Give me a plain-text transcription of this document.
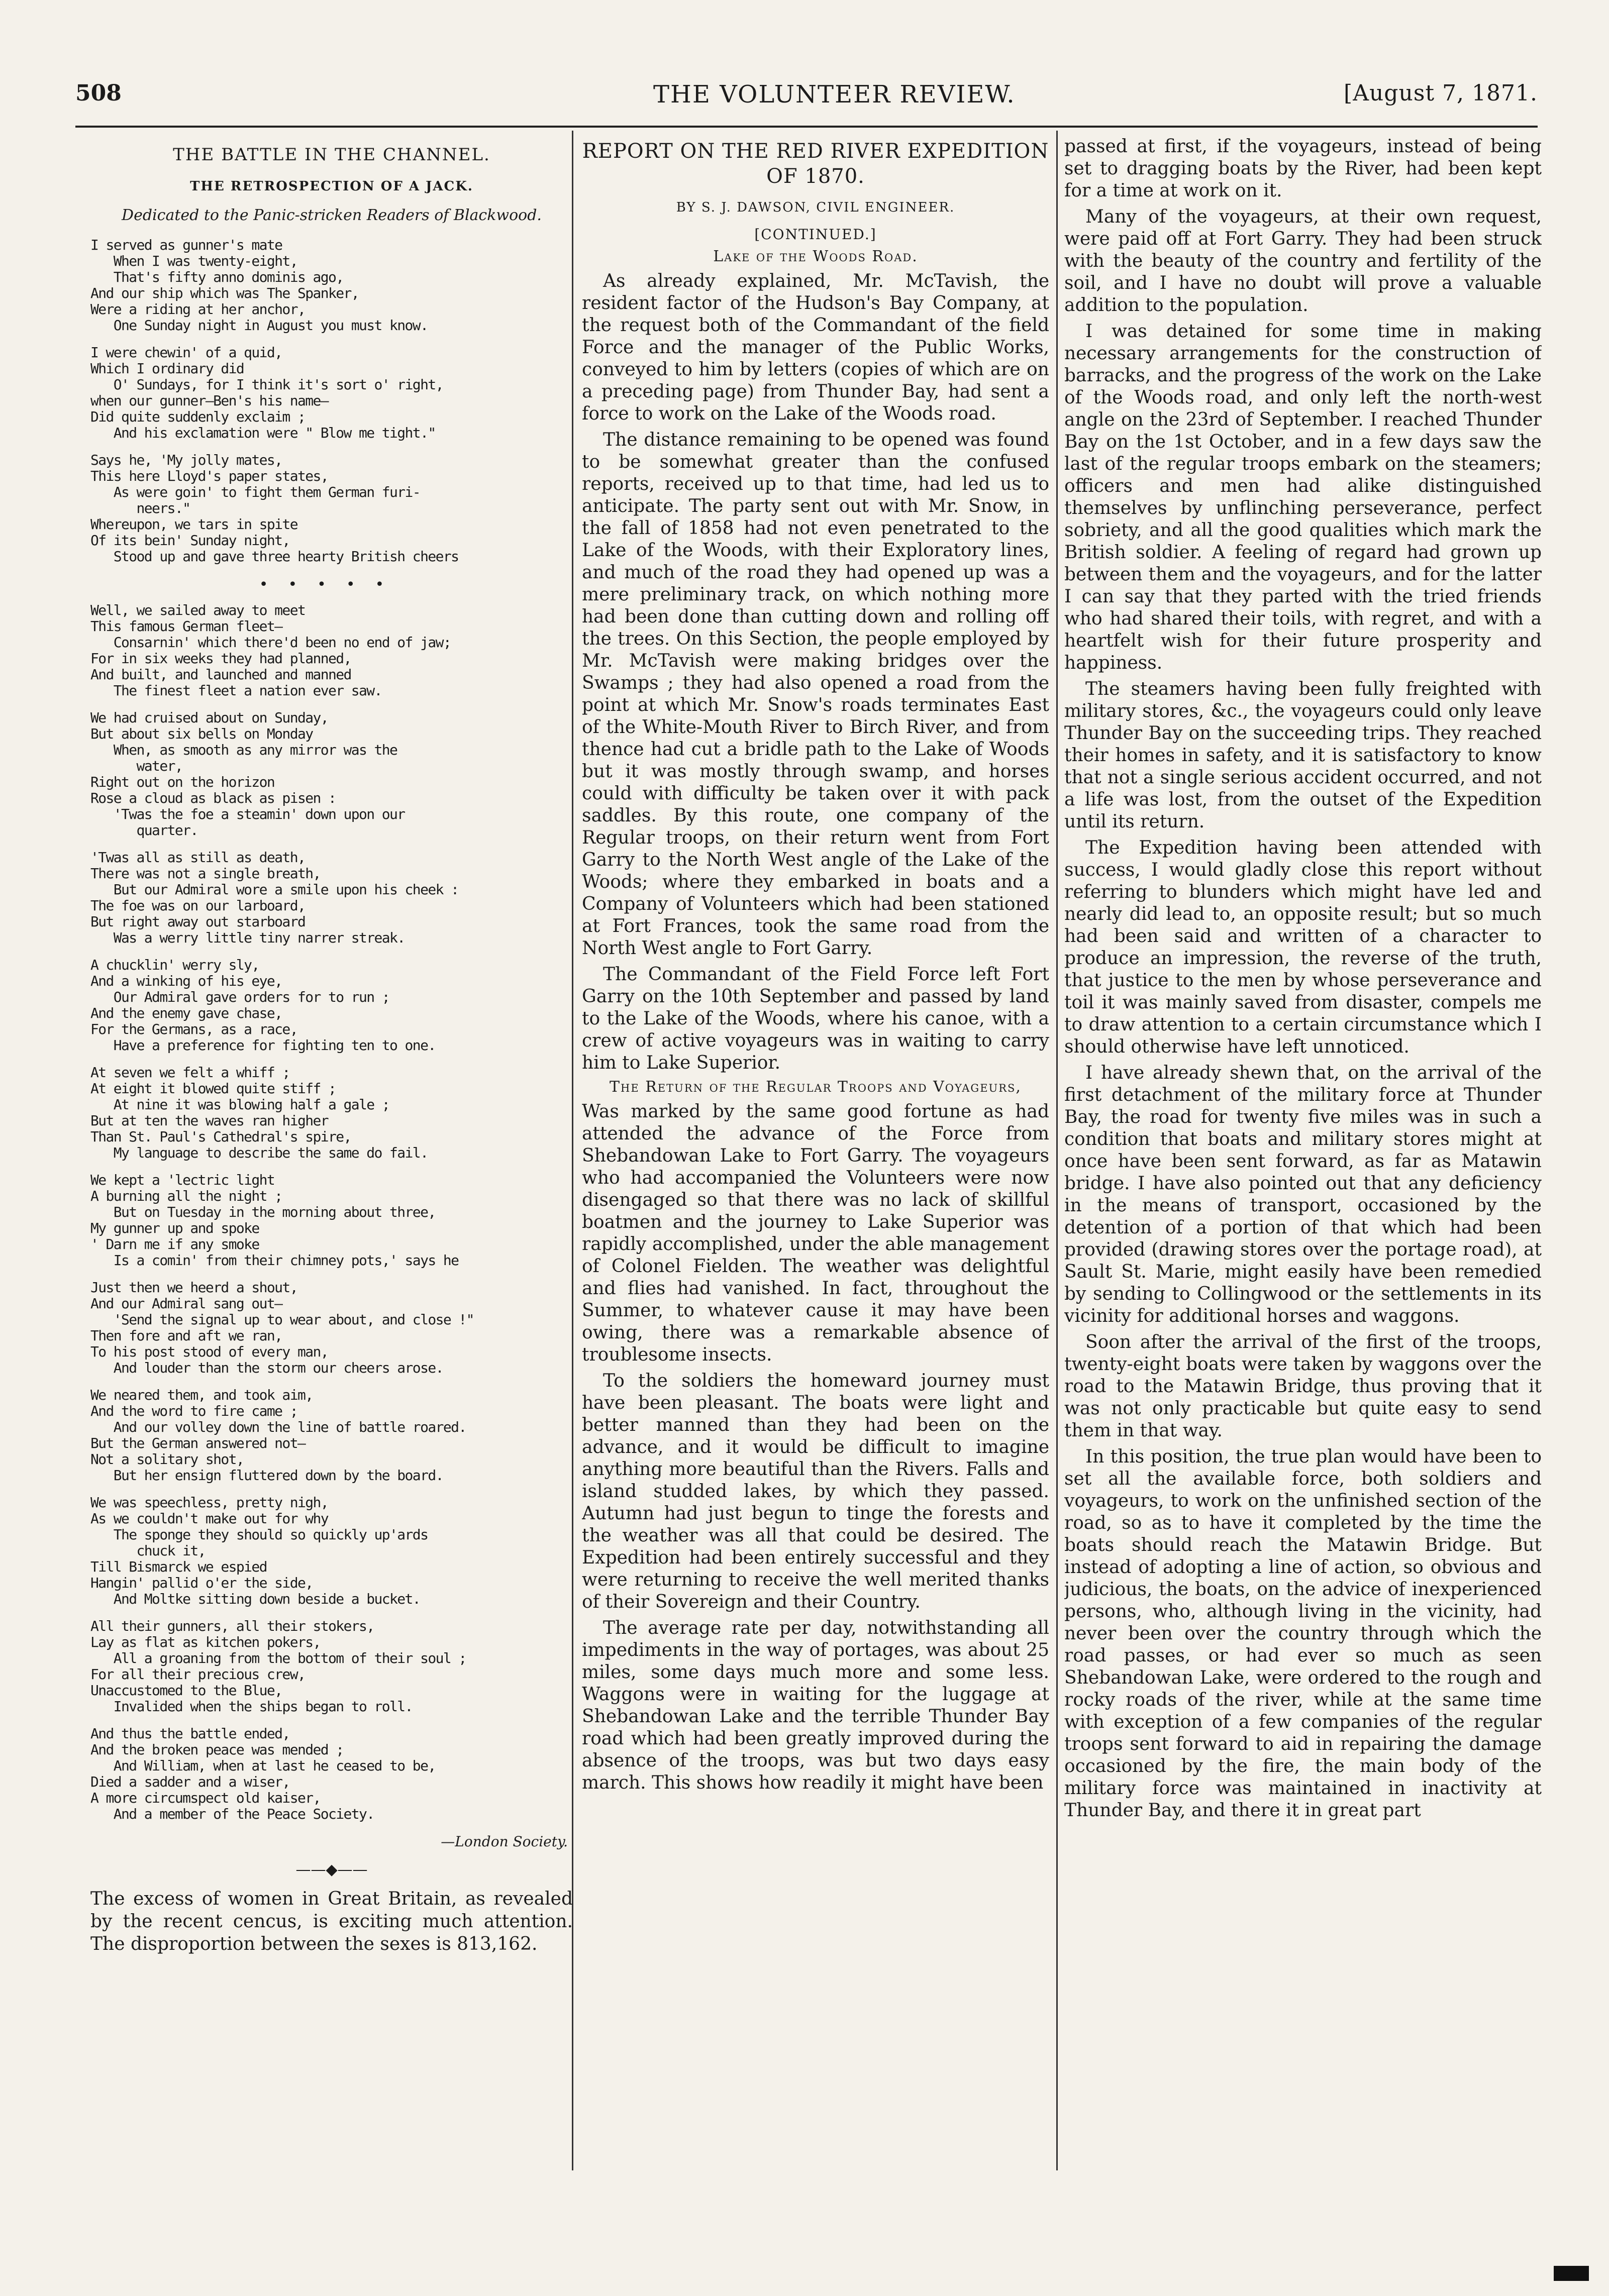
508	THE VOLUNTEER REVIEW.	[August 7, 1871.
THE BATTLE IN THE CHANNEL.
THE RETROSPECTION OF A JACK.
Dedicated to the Panic-stricken Readers of Blackwood.
I served as gunner's mate
When I was twenty-eight,
That's fifty anno dominis ago,
And our ship which was The Spanker,
Were a riding at her anchor,
One Sunday night in August you must know.
I were chewin' of a quid,
Which I ordinary did
O' Sundays, for I think it's sort o' right,
when our gunner—Ben's his name—
Did quite suddenly exclaim ;
And his exclamation were " Blow me tight."
Says he, 'My jolly mates,
This here Lloyd's paper states,
As were goin' to fight them German furi-
neers."
Whereupon, we tars in spite
Of its bein' Sunday night,
Stood up and gave three hearty British cheers
•••••
Well, we sailed away to meet
This famous German fleet—
Consarnin' which there'd been no end of jaw;
For in six weeks they had planned,
And built, and launched and manned
The finest fleet a nation ever saw.
We had cruised about on Sunday,
But about six bells on Monday
When, as smooth as any mirror was the
water,
Right out on the horizon
Rose a cloud as black as pisen :
'Twas the foe a steamin' down upon our
quarter.
'Twas all as still as death,
There was not a single breath,
But our Admiral wore a smile upon his cheek :
The foe was on our larboard,
But right away out starboard
Was a werry little tiny narrer streak.
A chucklin' werry sly,
And a winking of his eye,
Our Admiral gave orders for to run ;
And the enemy gave chase,
For the Germans, as a race,
Have a preference for fighting ten to one.
At seven we felt a whiff ;
At eight it blowed quite stiff ;
At nine it was blowing half a gale ;
But at ten the waves ran higher
Than St. Paul's Cathedral's spire,
My language to describe the same do fail.
We kept a 'lectric light
A burning all the night ;
But on Tuesday in the morning about three,
My gunner up and spoke
' Darn me if any smoke
Is a comin' from their chimney pots,' says he
Just then we heerd a shout,
And our Admiral sang out—
'Send the signal up to wear about, and close !"
Then fore and aft we ran,
To his post stood of every man,
And louder than the storm our cheers arose.
We neared them, and took aim,
And the word to fire came ;
And our volley down the line of battle roared.
But the German answered not—
Not a solitary shot,
But her ensign fluttered down by the board.
We was speechless, pretty nigh,
As we couldn't make out for why
The sponge they should so quickly up'ards
chuck it,
Till Bismarck we espied
Hangin' pallid o'er the side,
And Moltke sitting down beside a bucket.
All their gunners, all their stokers,
Lay as flat as kitchen pokers,
All a groaning from the bottom of their soul ;
For all their precious crew,
Unaccustomed to the Blue,
Invalided when the ships began to roll.
And thus the battle ended,
And the broken peace was mended ;
And William, when at last he ceased to be,
Died a sadder and a wiser,
A more circumspect old kaiser,
And a member of the Peace Society.
—London Society.
——◆——
The excess of women in Great Britain, as revealed by the recent cencus, is exciting much attention. The disproportion between the sexes is 813,162.
REPORT ON THE RED RIVER EXPEDITION OF 1870.
BY S. J. DAWSON, CIVIL ENGINEER.
[CONTINUED.]
Lake of the Woods Road.

As already explained, Mr. McTavish, the resident factor of the Hudson's Bay Company, at the request both of the Commandant of the field Force and the manager of the Public Works, conveyed to him by letters (copies of which are on a preceding page) from Thunder Bay, had sent a force to work on the Lake of the Woods road.

The distance remaining to be opened was found to be somewhat greater than the confused reports, received up to that time, had led us to anticipate. The party sent out with Mr. Snow, in the fall of 1858 had not even penetrated to the Lake of the Woods, with their Exploratory lines, and much of the road they had opened up was a mere preliminary track, on which nothing more had been done than cutting down and rolling off the trees. On this Section, the people employed by Mr. McTavish were making bridges over the Swamps ; they had also opened a road from the point at which Mr. Snow's roads terminates East of the White-Mouth River to Birch River, and from thence had cut a bridle path to the Lake of Woods but it was mostly through swamp, and horses could with difficulty be taken over it with pack saddles. By this route, one company of the Regular troops, on their return went from Fort Garry to the North West angle of the Lake of the Woods; where they embarked in boats and a Company of Volunteers which had been stationed at Fort Frances, took the same road from the North West angle to Fort Garry.

The Commandant of the Field Force left Fort Garry on the 10th September and passed by land to the Lake of the Woods, where his canoe, with a crew of active voyageurs was in waiting to carry him to Lake Superior.

The Return of the Regular Troops and Voyageurs,

Was marked by the same good fortune as had attended the advance of the Force from Shebandowan Lake to Fort Garry. The voyageurs who had accompanied the Volunteers were now disengaged so that there was no lack of skillful boatmen and the journey to Lake Superior was rapidly accomplished, under the able management of Colonel Fielden. The weather was delightful and flies had vanished. In fact, throughout the Summer, to whatever cause it may have been owing, there was a remarkable absence of troublesome insects.

To the soldiers the homeward journey must have been pleasant. The boats were light and better manned than they had been on the advance, and it would be difficult to imagine anything more beautiful than the Rivers. Falls and island studded lakes, by which they passed. Autumn had just begun to tinge the forests and the weather was all that could be desired. The Expedition had been entirely successful and they were returning to receive the well merited thanks of their Sovereign and their Country.

The average rate per day, notwithstanding all impediments in the way of portages, was about 25 miles, some days much more and some less. Waggons were in waiting for the luggage at Shebandowan Lake and the terrible Thunder Bay road which had been greatly improved during the absence of the troops, was but two days easy march. This shows how readily it might have been

passed at first, if the voyageurs, instead of being set to dragging boats by the River, had been kept for a time at work on it.

Many of the voyageurs, at their own request, were paid off at Fort Garry. They had been struck with the beauty of the country and fertility of the soil, and I have no doubt will prove a valuable addition to the population.

I was detained for some time in making necessary arrangements for the construction of barracks, and the progress of the work on the Lake of the Woods road, and only left the north-west angle on the 23rd of September. I reached Thunder Bay on the 1st October, and in a few days saw the last of the regular troops embark on the steamers; officers and men had alike distinguished themselves by unflinching perseverance, perfect sobriety, and all the good qualities which mark the British soldier. A feeling of regard had grown up between them and the voyageurs, and for the latter I can say that they parted with the tried friends who had shared their toils, with regret, and with a heartfelt wish for their future prosperity and happiness.

The steamers having been fully freighted with military stores, &c., the voyageurs could only leave Thunder Bay on the succeeding trips. They reached their homes in safety, and it is satisfactory to know that not a single serious accident occurred, and not a life was lost, from the outset of the Expedition until its return.

The Expedition having been attended with success, I would gladly close this report without referring to blunders which might have led and nearly did lead to, an opposite result; but so much had been said and written of a character to produce an impression, the reverse of the truth, that justice to the men by whose perseverance and toil it was mainly saved from disaster, compels me to draw attention to a certain circumstance which I should otherwise have left unnoticed.

I have already shewn that, on the arrival of the first detachment of the military force at Thunder Bay, the road for twenty five miles was in such a condition that boats and military stores might at once have been sent forward, as far as Matawin bridge. I have also pointed out that any deficiency in the means of transport, occasioned by the detention of a portion of that which had been provided (drawing stores over the portage road), at Sault St. Marie, might easily have been remedied by sending to Collingwood or the settlements in its vicinity for additional horses and waggons.

Soon after the arrival of the first of the troops, twenty-eight boats were taken by waggons over the road to the Matawin Bridge, thus proving that it was not only practicable but quite easy to send them in that way.

In this position, the true plan would have been to set all the available force, both soldiers and voyageurs, to work on the unfinished section of the road, so as to have it completed by the time the boats should reach the Matawin Bridge. But instead of adopting a line of action, so obvious and judicious, the boats, on the advice of inexperienced persons, who, although living in the vicinity, had never been over the country through which the road passes, or had ever so much as seen Shebandowan Lake, were ordered to the rough and rocky roads of the river, while at the same time with exception of a few companies of the regular troops sent forward to aid in repairing the damage occasioned by the fire, the main body of the military force was maintained in inactivity at Thunder Bay, and there it in great part
